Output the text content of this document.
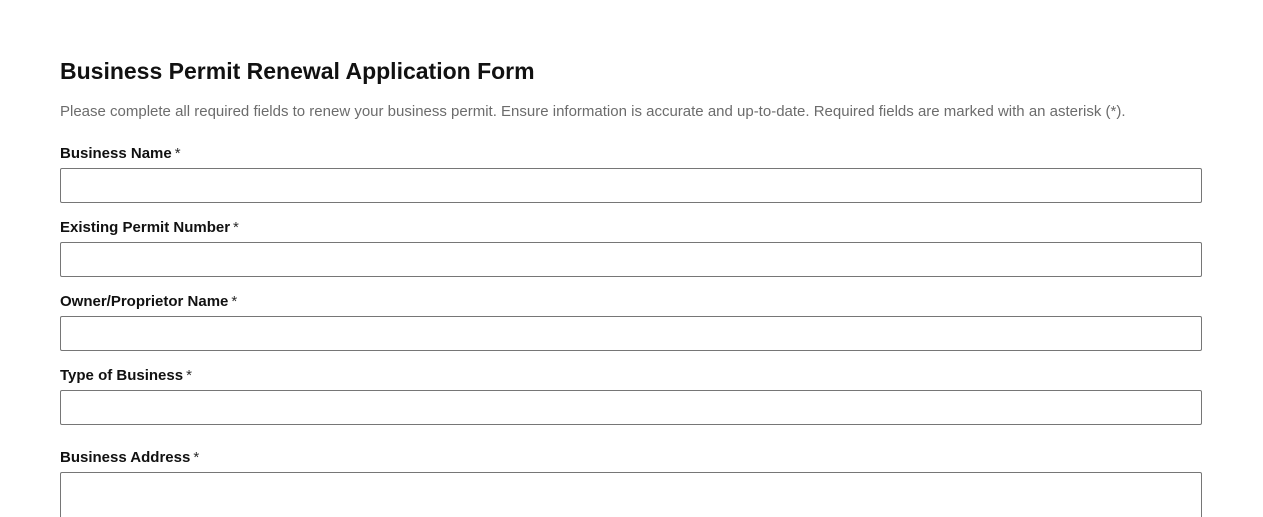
Business Permit Renewal Application Form

Please complete all required fields to renew your business permit. Ensure information is accurate and up-to-date. Required fields are marked with an asterisk (*).

Business Name *
Existing Permit Number *
Owner/Proprietor Name *
Type of Business *
Business Address *
